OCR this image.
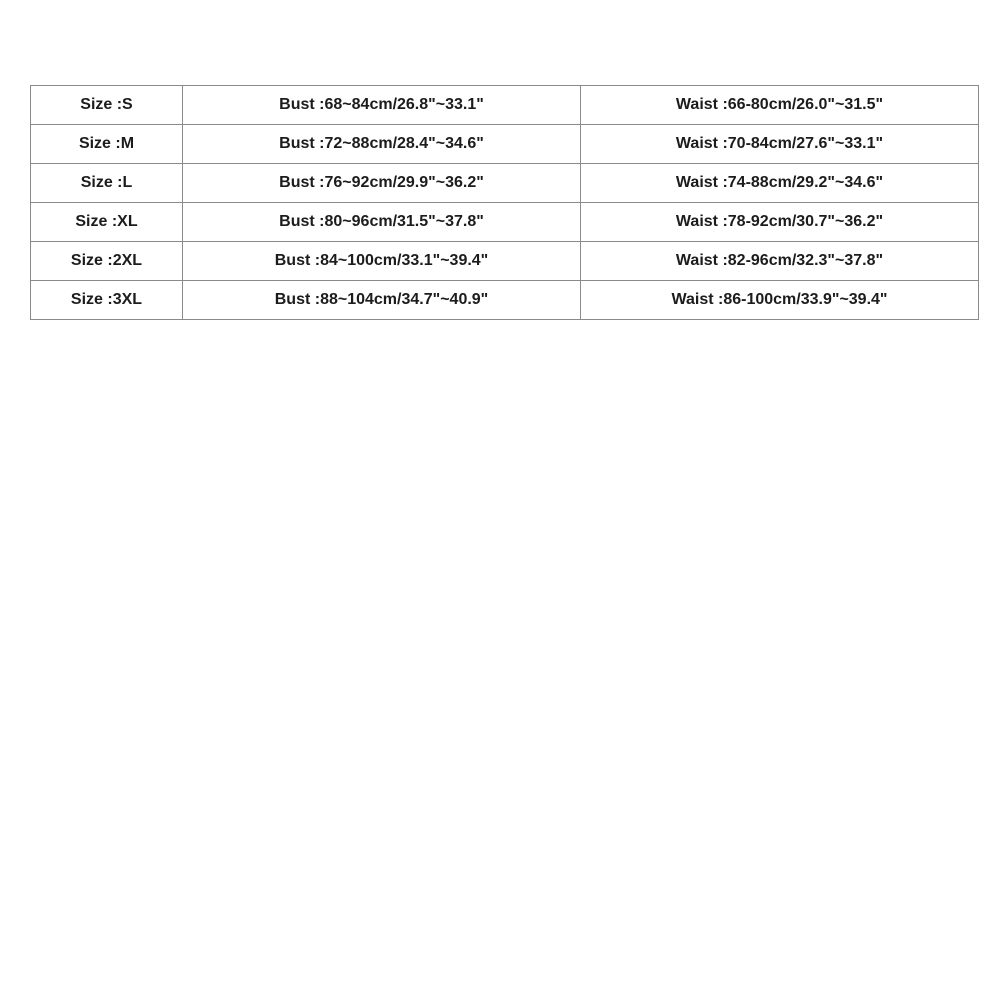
Size :S	Bust :68~84cm/26.8"~33.1"	Waist :66-80cm/26.0"~31.5"
Size :M	Bust :72~88cm/28.4"~34.6"	Waist :70-84cm/27.6"~33.1"
Size :L	Bust :76~92cm/29.9"~36.2"	Waist :74-88cm/29.2"~34.6"
Size :XL	Bust :80~96cm/31.5"~37.8"	Waist :78-92cm/30.7"~36.2"
Size :2XL	Bust :84~100cm/33.1"~39.4"	Waist :82-96cm/32.3"~37.8"
Size :3XL	Bust :88~104cm/34.7"~40.9"	Waist :86-100cm/33.9"~39.4"
